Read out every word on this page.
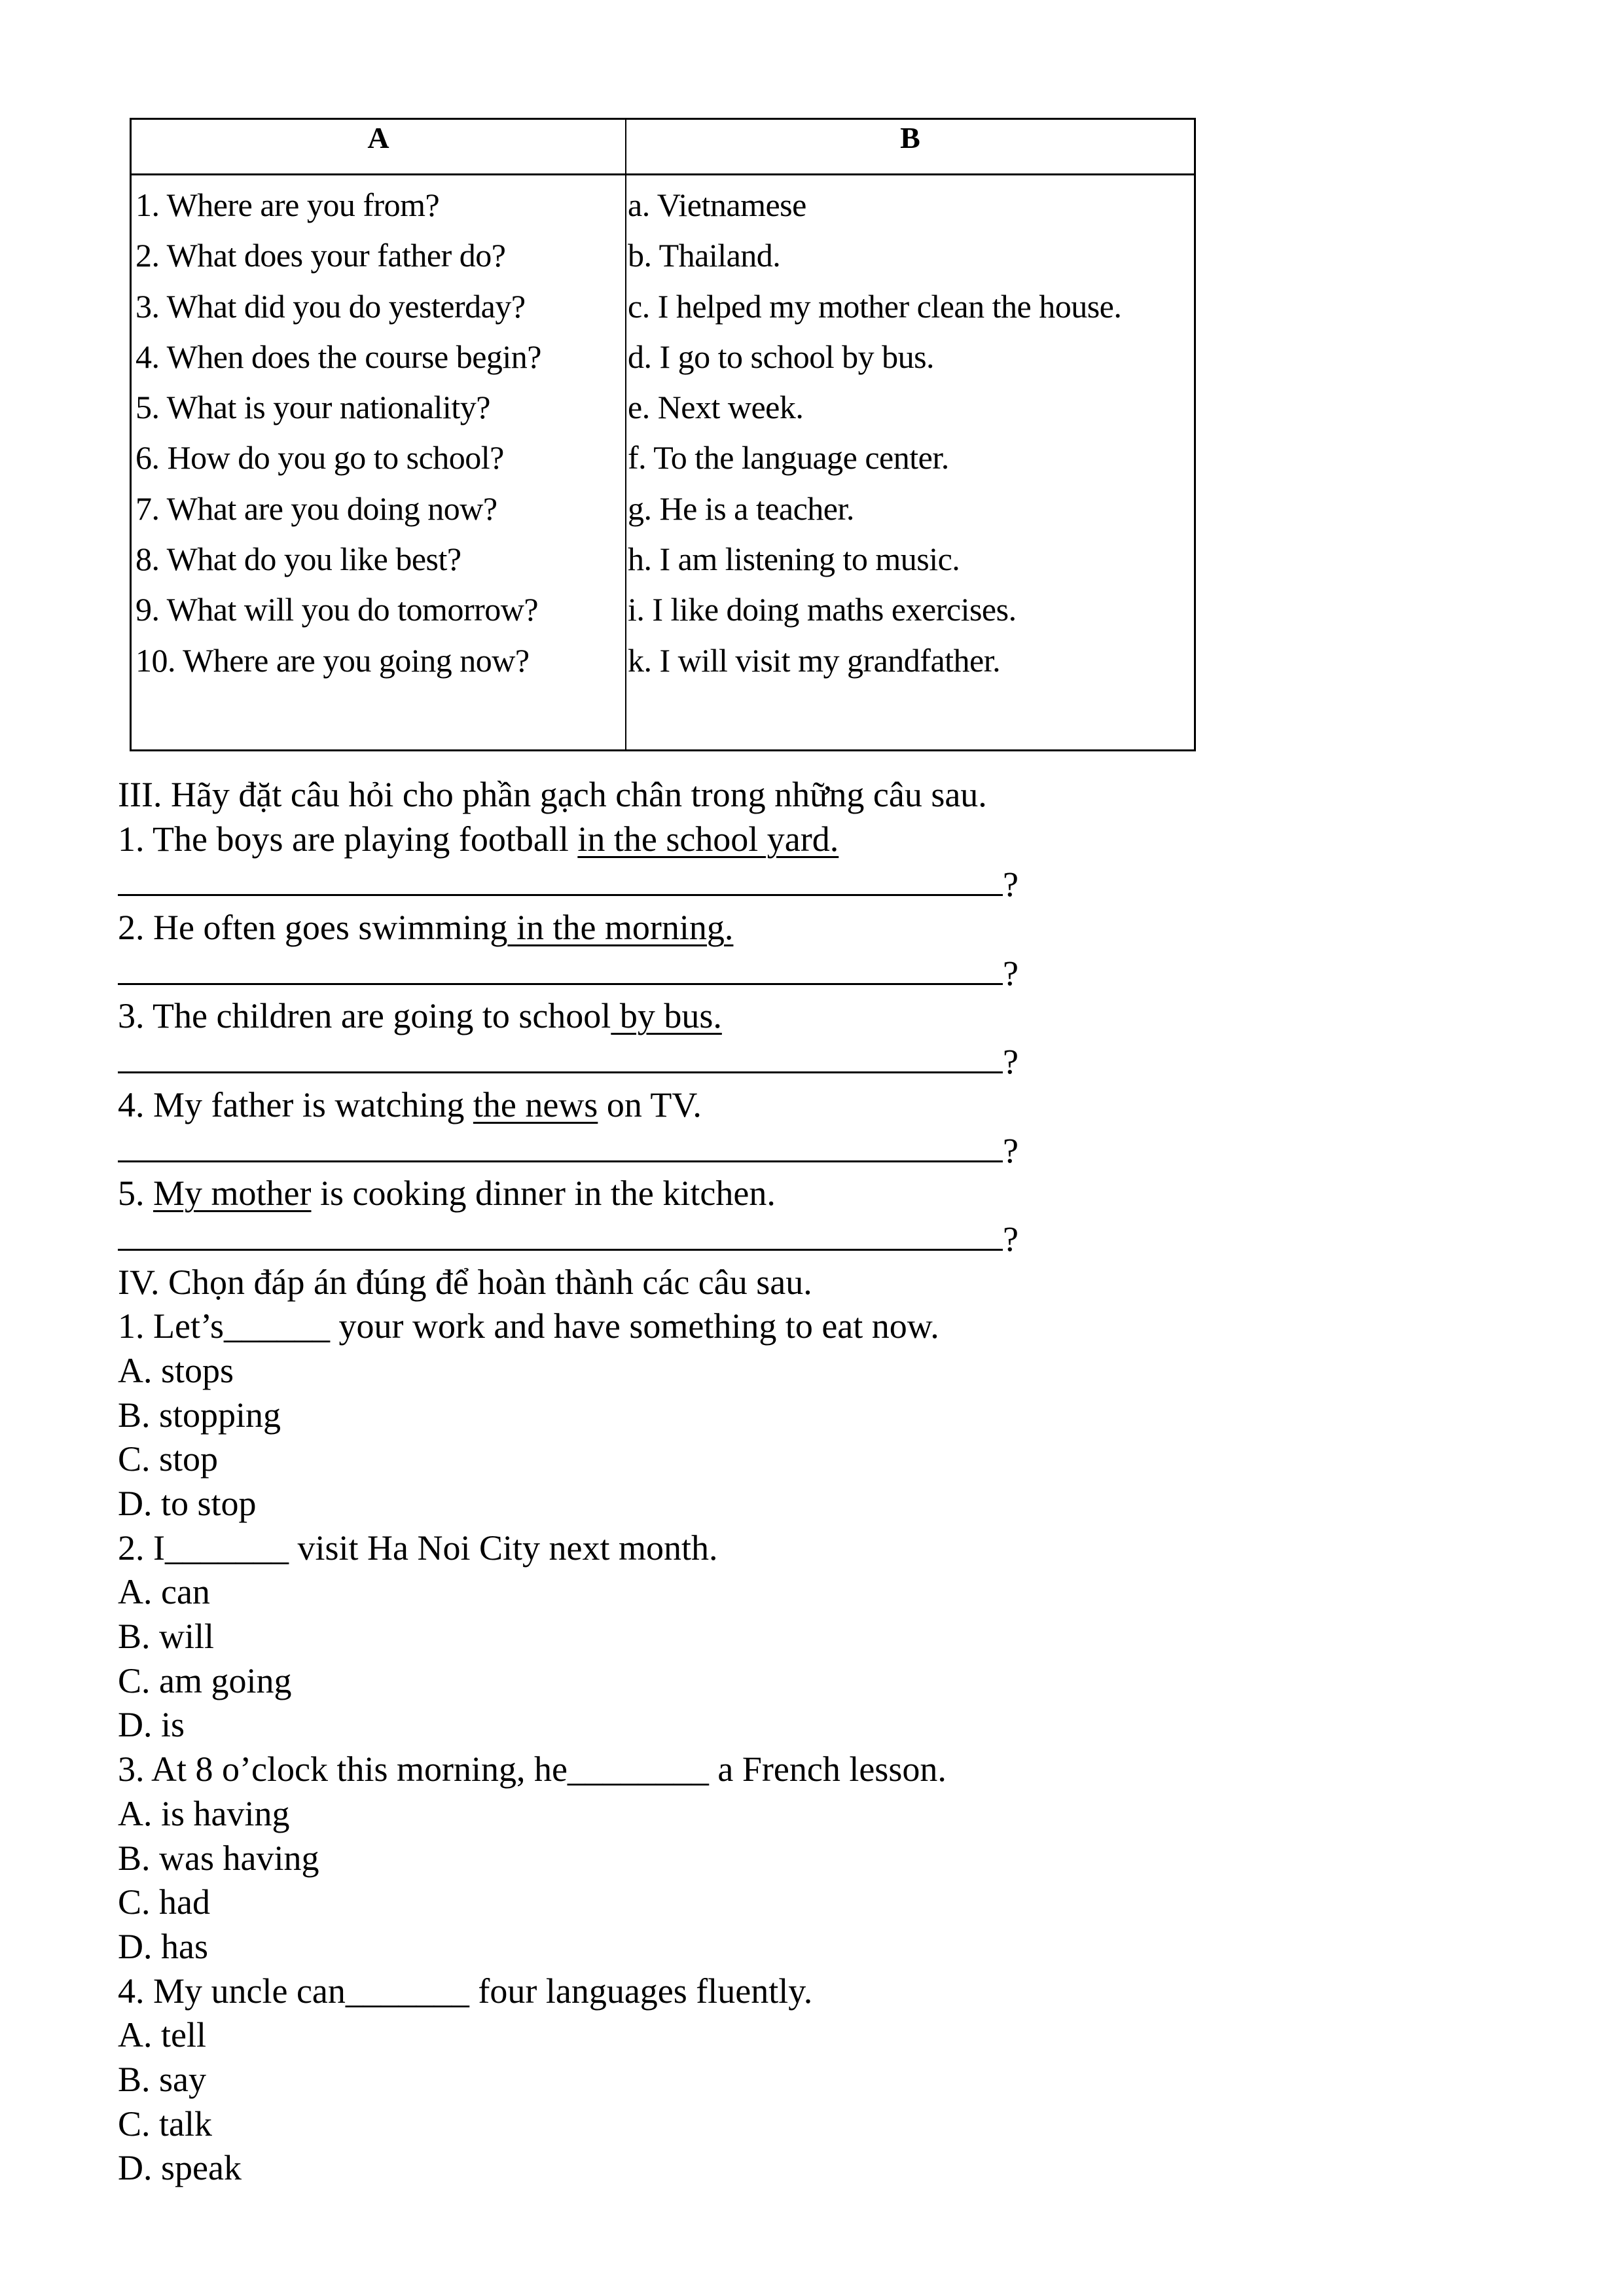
A	B
1. Where are you from?
2. What does your father do?
3. What did you do yesterday?
4. When does the course begin?
5. What is your nationality?
6. How do you go to school?
7. What are you doing now?
8. What do you like best?
9. What will you do tomorrow?
10. Where are you going now?
a. Vietnamese
b. Thailand.
c. I helped my mother clean the house.
d. I go to school by bus.
e. Next week.
f. To the language center.
g. He is a teacher.
h. I am listening to music.
i. I like doing maths exercises.
k. I will visit my grandfather.
III. Hãy đặt câu hỏi cho phần gạch chân trong những câu sau.
1. The boys are playing football in the school yard.
?
2. He often goes swimming in the morning.
?
3. The children are going to school by bus.
?
4. My father is watching the news on TV.
?
5. My mother is cooking dinner in the kitchen.
?
IV. Chọn đáp án đúng để hoàn thành các câu sau.
1. Let’s______ your work and have something to eat now.
A. stops
B. stopping
C. stop
D. to stop
2. I_______ visit Ha Noi City next month.
A. can
B. will
C. am going
D. is
3. At 8 o’clock this morning, he________ a French lesson.
A. is having
B. was having
C. had
D. has
4. My uncle can_______ four languages fluently.
A. tell
B. say
C. talk
D. speak
